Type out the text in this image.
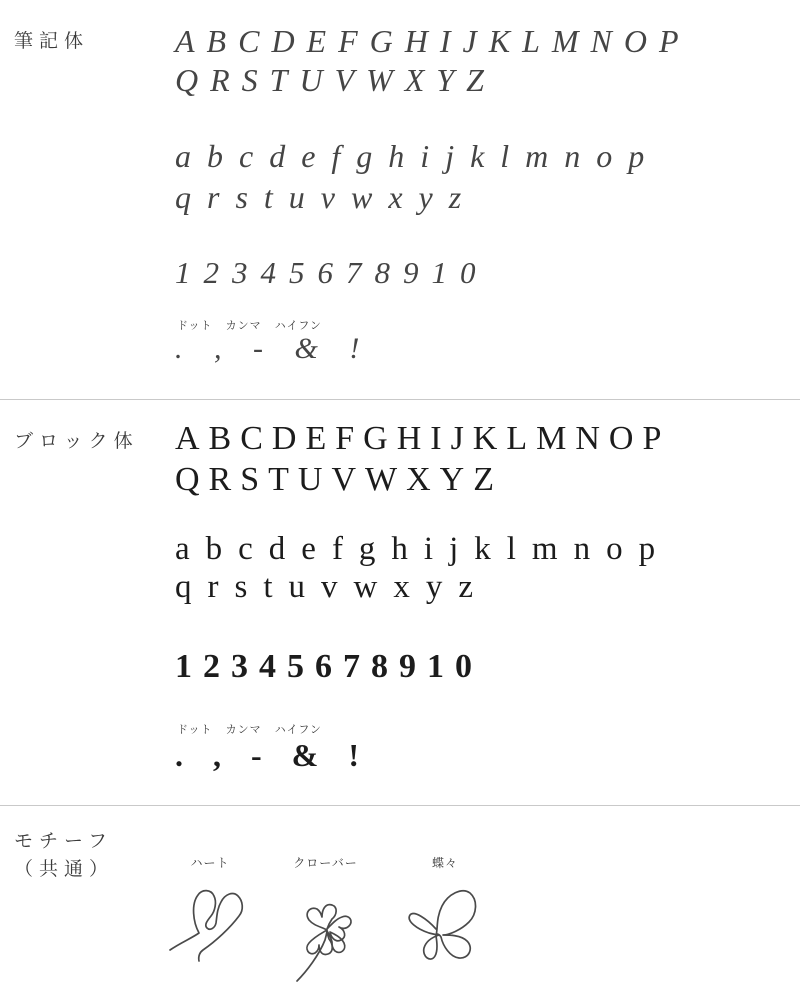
筆記体	ABCDEFGHIJKLMNOP
QRSTUVWXYZ
abcdefghijklmnop
qrstuvwxyz
12345678910
ドット カンマ ハイフン
. , - & !
ブロック体 ABCDEFGHIJKLMNOP
QRSTUVWXYZ
abcdefghijklmnop
qrstuvwxyz
12345678910
ドット カンマ ハイフン
. , - & !
モチーフ
（共通）	ハート	クローバー	蝶々
